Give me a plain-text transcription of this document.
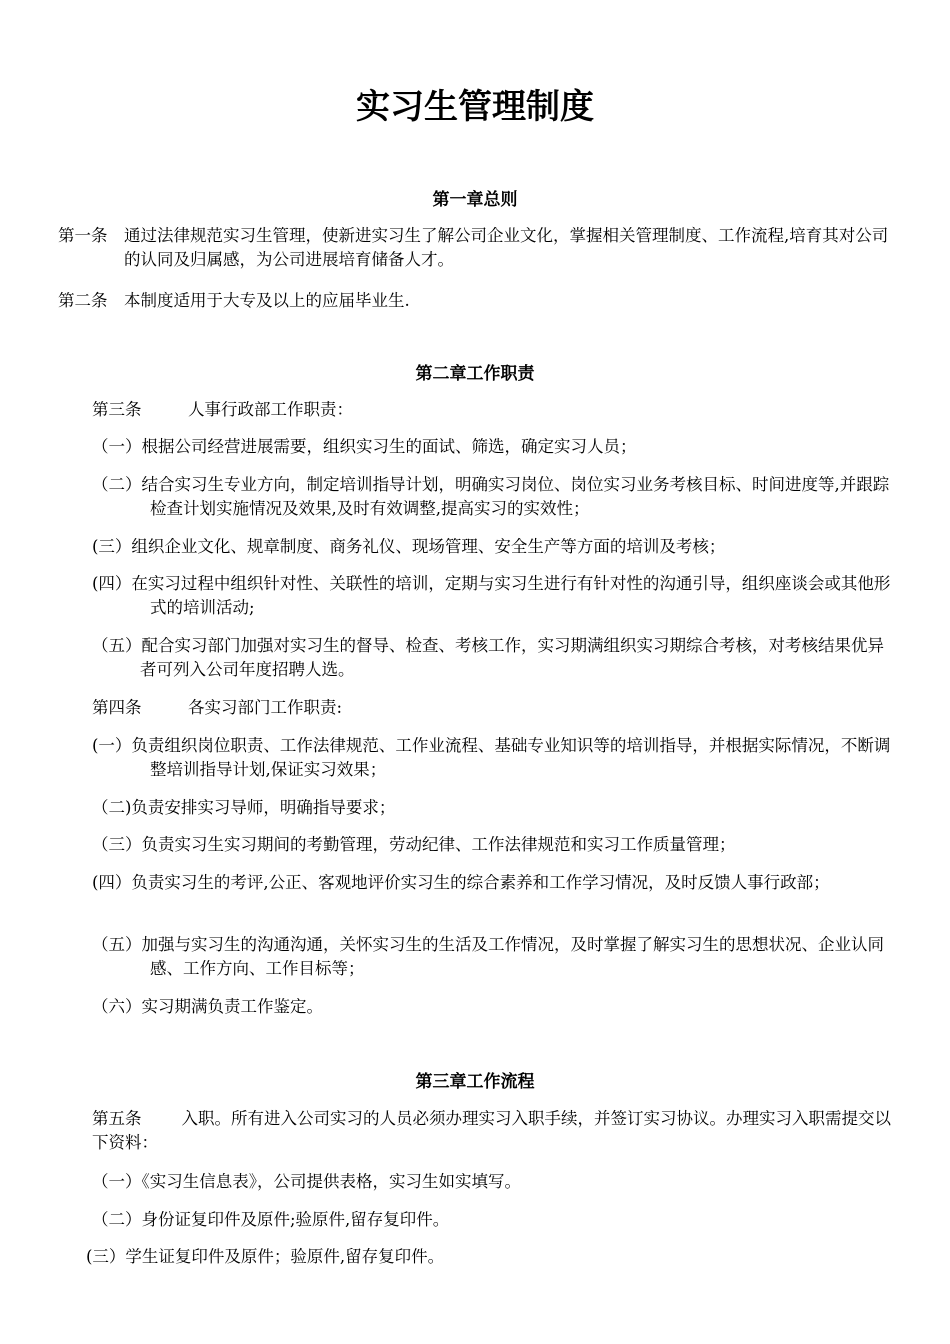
实习生管理制度
第一章总则
第一条	通过法律规范实习生管理，使新进实习生了解公司企业文化，掌握相关管理制度、工作流程,培育其对公司的认同及归属感，为公司进展培育储备人才。
第二条	本制度适用于大专及以上的应届毕业生.
第二章工作职责
第三条	人事行政部工作职责：
（一）根据公司经营进展需要，组织实习生的面试、筛选，确定实习人员；
（二）结合实习生专业方向，制定培训指导计划，明确实习岗位、岗位实习业务考核目标、时间进度等,并跟踪检查计划实施情况及效果,及时有效调整,提高实习的实效性；
(三）组织企业文化、规章制度、商务礼仪、现场管理、安全生产等方面的培训及考核；
(四）在实习过程中组织针对性、关联性的培训，定期与实习生进行有针对性的沟通引导，组织座谈会或其他形式的培训活动;
（五）配合实习部门加强对实习生的督导、检查、考核工作，实习期满组织实习期综合考核，对考核结果优异者可列入公司年度招聘人选。
第四条	各实习部门工作职责:
(一）负责组织岗位职责、工作法律规范、工作业流程、基础专业知识等的培训指导，并根据实际情况，不断调整培训指导计划,保证实习效果；
（二)负责安排实习导师，明确指导要求；
（三）负责实习生实习期间的考勤管理，劳动纪律、工作法律规范和实习工作质量管理；
(四）负责实习生的考评,公正、客观地评价实习生的综合素养和工作学习情况，及时反馈人事行政部；
（五）加强与实习生的沟通沟通，关怀实习生的生活及工作情况，及时掌握了解实习生的思想状况、企业认同感、工作方向、工作目标等；
（六）实习期满负责工作鉴定。
第三章工作流程
第五条 入职。所有进入公司实习的人员必须办理实习入职手续，并签订实习协议。办理实习入职需提交以下资料：
（一）《实习生信息表》，公司提供表格，实习生如实填写。
（二）身份证复印件及原件;验原件,留存复印件。
(三）学生证复印件及原件；验原件,留存复印件。
